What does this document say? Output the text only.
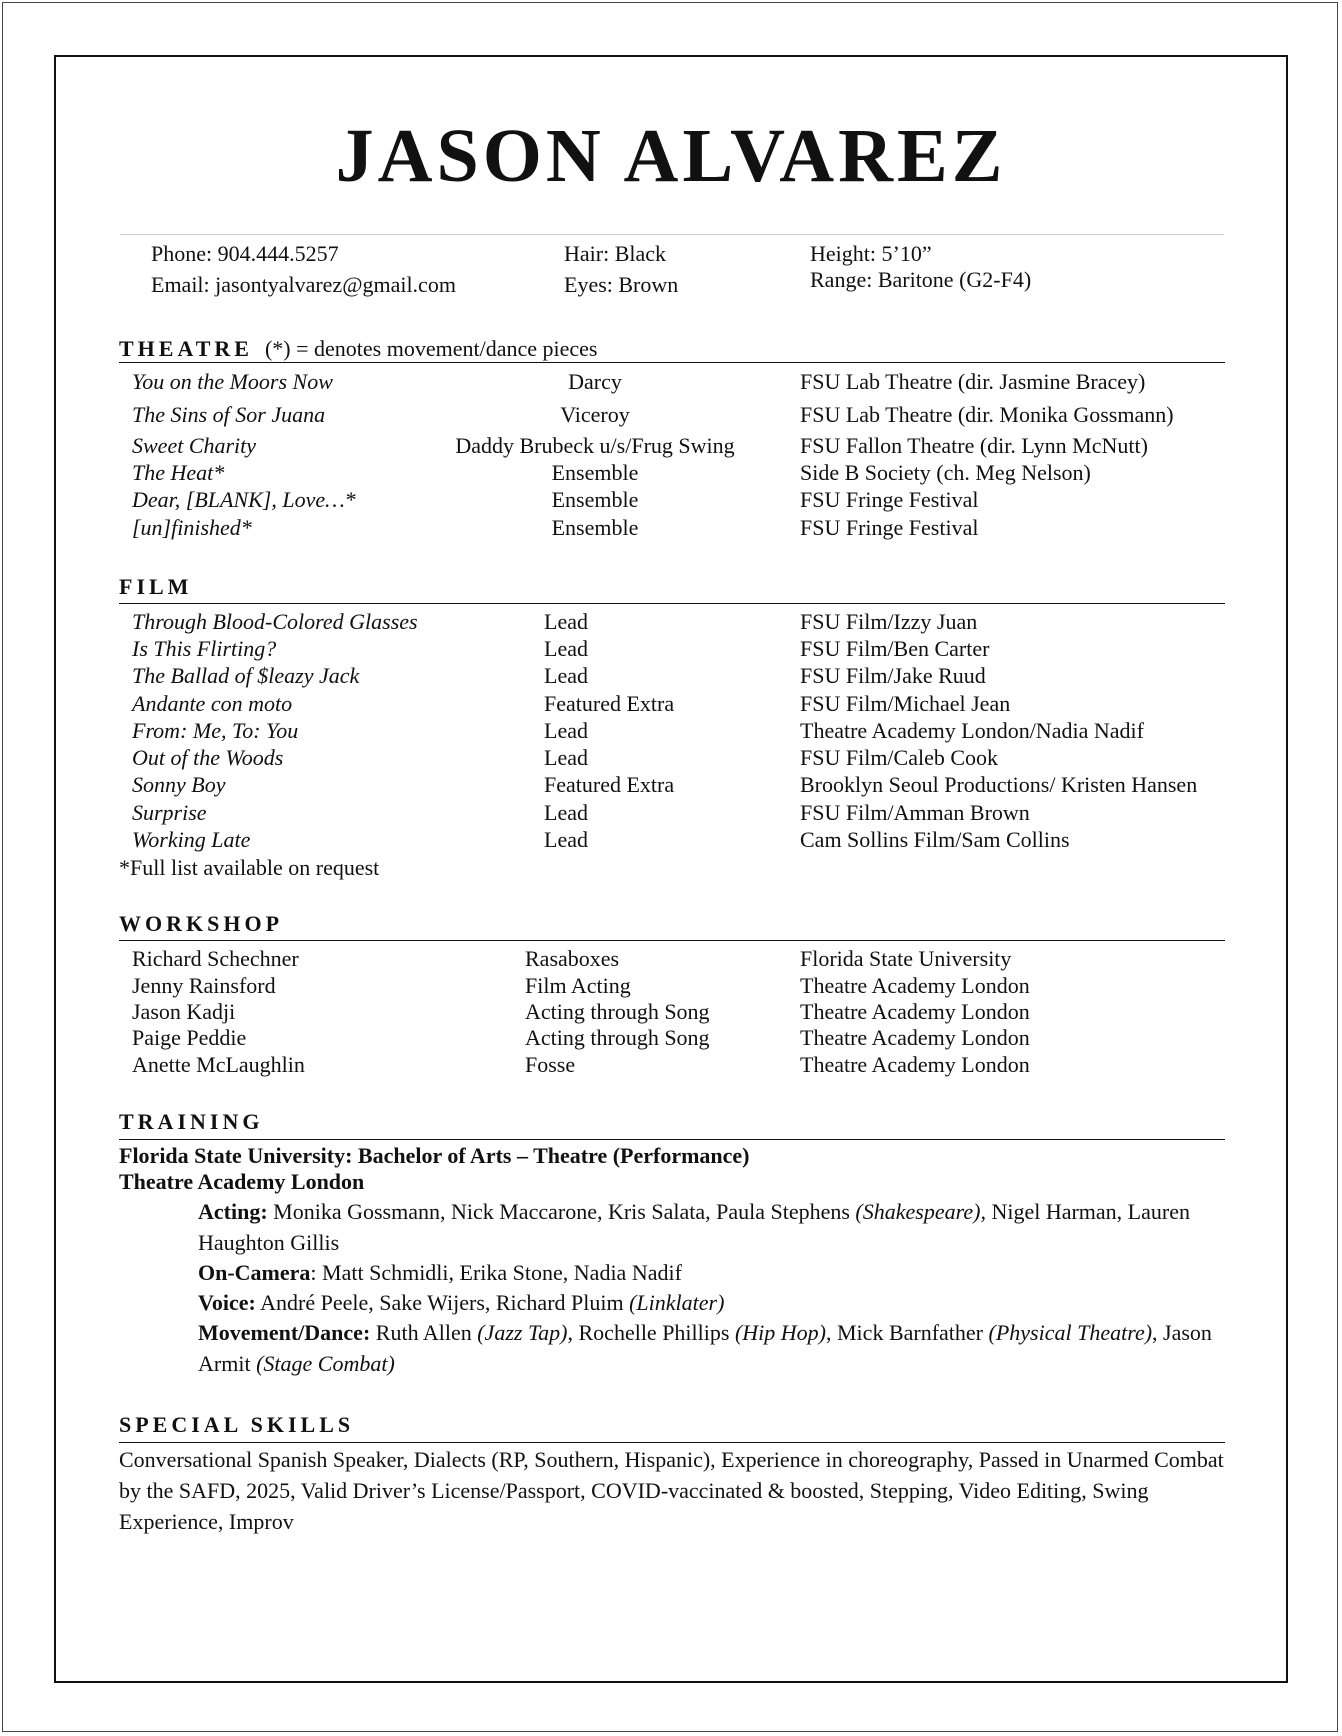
JASON ALVAREZ
Phone: 904.444.5257
Email: jasontyalvarez@gmail.com
Hair: Black
Eyes: Brown
Height: 5’10”
Range: Baritone (G2-F4)
THEATRE (*) = denotes movement/dance pieces
You on the Moors Now	Darcy	FSU Lab Theatre (dir. Jasmine Bracey)
The Sins of Sor Juana	Viceroy	FSU Lab Theatre (dir. Monika Gossmann)
Sweet Charity	Daddy Brubeck u/s/Frug Swing	FSU Fallon Theatre (dir. Lynn McNutt)
The Heat*	Ensemble	Side B Society (ch. Meg Nelson)
Dear, [BLANK], Love…*	Ensemble	FSU Fringe Festival
[un]finished*	Ensemble	FSU Fringe Festival
FILM
Through Blood-Colored Glasses	Lead	FSU Film/Izzy Juan
Is This Flirting?	Lead	FSU Film/Ben Carter
The Ballad of $leazy Jack	Lead	FSU Film/Jake Ruud
Andante con moto	Featured Extra	FSU Film/Michael Jean
From: Me, To: You	Lead	Theatre Academy London/Nadia Nadif
Out of the Woods	Lead	FSU Film/Caleb Cook
Sonny Boy	Featured Extra	Brooklyn Seoul Productions/ Kristen Hansen
Surprise	Lead	FSU Film/Amman Brown
Working Late	Lead	Cam Sollins Film/Sam Collins
*Full list available on request
WORKSHOP
Richard Schechner	Rasaboxes	Florida State University
Jenny Rainsford	Film Acting	Theatre Academy London
Jason Kadji	Acting through Song	Theatre Academy London
Paige Peddie	Acting through Song	Theatre Academy London
Anette McLaughlin	Fosse	Theatre Academy London
TRAINING
Florida State University: Bachelor of Arts – Theatre (Performance)
Theatre Academy London
Acting: Monika Gossmann, Nick Maccarone, Kris Salata, Paula Stephens (Shakespeare), Nigel Harman, Lauren Haughton Gillis
On-Camera: Matt Schmidli, Erika Stone, Nadia Nadif
Voice: André Peele, Sake Wijers, Richard Pluim (Linklater)
Movement/Dance: Ruth Allen (Jazz Tap), Rochelle Phillips (Hip Hop), Mick Barnfather (Physical Theatre), Jason Armit (Stage Combat)
SPECIAL SKILLS
Conversational Spanish Speaker, Dialects (RP, Southern, Hispanic), Experience in choreography, Passed in Unarmed Combat by the SAFD, 2025, Valid Driver’s License/Passport, COVID-vaccinated & boosted, Stepping, Video Editing, Swing Experience, Improv
